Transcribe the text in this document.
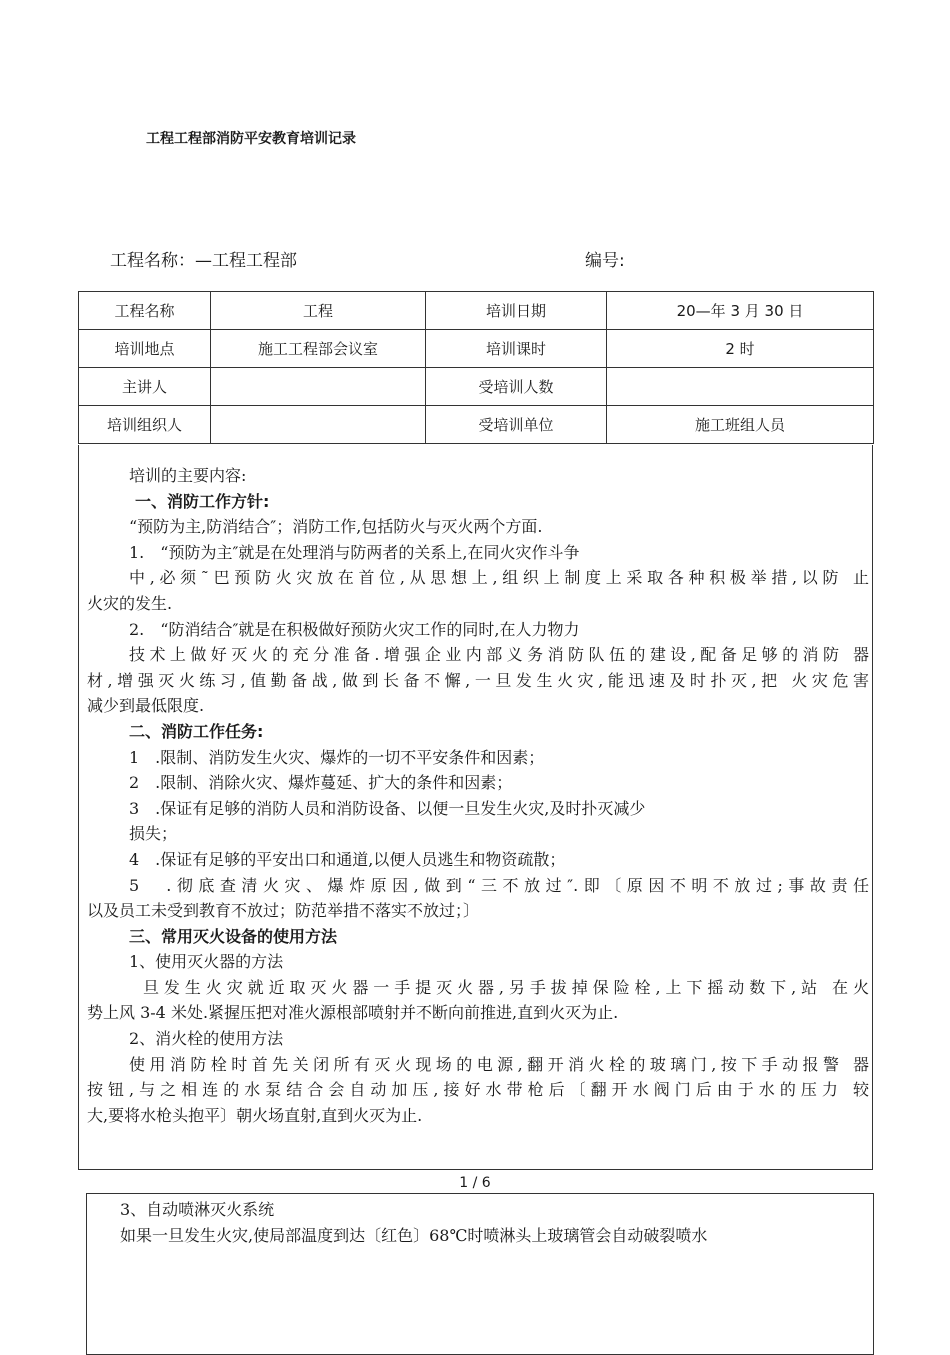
工程工程部消防平安教育培训记录
工程名称：—工程工程部	编号:
工程名称	工程	培训日期	20—年 3 月 30 日
培训地点	施工工程部会议室	培训课时	2 时
主讲人		受培训人数	
培训组织人		受培训单位	施工班组人员
培训的主要内容:
一、消防工作方针:
“预防为主,防消结合″；消防工作,包括防火与灭火两个方面.
1.　“预防为主″就是在处理消与防两者的关系上,在同火灾作斗争
中,必须˜巴预防火灾放在首位,从思想上,组织上制度上采取各种积极举措,以防 止
火灾的发生.
2.　“防消结合″就是在积极做好预防火灾工作的同时,在人力物力
技术上做好灭火的充分准备.增强企业内部义务消防队伍的建设,配备足够的消防 器
材,增强灭火练习,值勤备战,做到长备不懈,一旦发生火灾,能迅速及时扑灭,把 火灾危害
减少到最低限度.
二、消防工作任务:
1　.限制、消防发生火灾、爆炸的一切不平安条件和因素；
2　.限制、消除火灾、爆炸蔓延、扩大的条件和因素；
3　.保证有足够的消防人员和消防设备、以便一旦发生火灾,及时扑灭减少
损失；
4　.保证有足够的平安出口和通道,以便人员逃生和物资疏散；
5　.彻底查清火灾、爆炸原因,做到“三不放过″.即〔原因不明不放过;事故责任
以及员工未受到教育不放过；防范举措不落实不放过；〕
三、常用灭火设备的使用方法
1、使用灭火器的方法
旦发生火灾就近取灭火器一手提灭火器,另手拔掉保险栓,上下摇动数下,站 在火
势上风 3-4 米处.紧握压把对准火源根部喷射并不断向前推进,直到火灭为止.
2、消火栓的使用方法
使用消防栓时首先关闭所有灭火现场的电源,翻开消火栓的玻璃门,按下手动报警 器
按钮,与之相连的水泵结合会自动加压,接好水带枪后〔翻开水阀门后由于水的压力 较
大,要将水枪头抱平〕朝火场直射,直到火灭为止.
1 / 6
3、自动喷淋灭火系统
如果一旦发生火灾,使局部温度到达〔红色〕68℃时喷淋头上玻璃管会自动破裂喷水
